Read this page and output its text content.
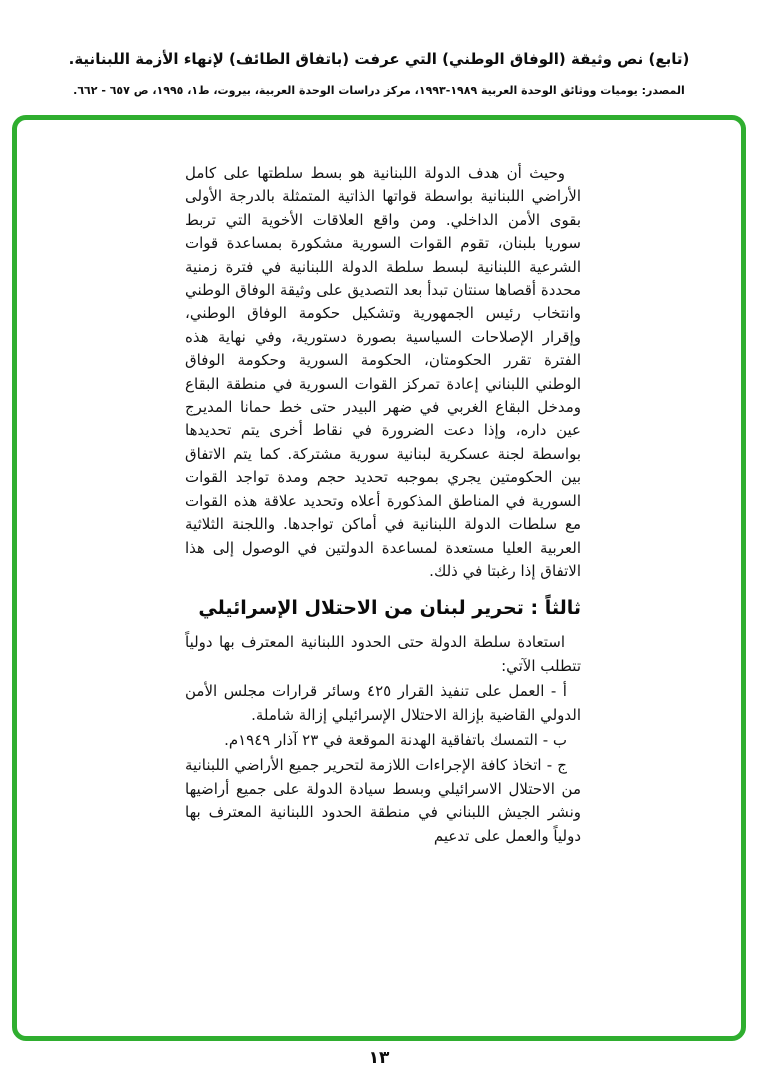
(تابع) نص وثيقة (الوفاق الوطني) التي عرفت (باتفاق الطائف) لإنهاء الأزمة اللبنانية.
المصدر: يوميات ووثائق الوحدة العربية ١٩٨٩-١٩٩٣، مركز دراسات الوحدة العربية، بيروت، ط١، ١٩٩٥، ص ٦٥٧ - ٦٦٢.

وحيث أن هدف الدولة اللبنانية هو بسط سلطتها على كامل الأراضي اللبنانية بواسطة قواتها الذاتية المتمثلة بالدرجة الأولى بقوى الأمن الداخلي. ومن واقع العلاقات الأخوية التي تربط سوريا بلبنان، تقوم القوات السورية مشكورة بمساعدة قوات الشرعية اللبنانية لبسط سلطة الدولة اللبنانية في فترة زمنية محددة أقصاها سنتان تبدأ بعد التصديق على وثيقة الوفاق الوطني وانتخاب رئيس الجمهورية وتشكيل حكومة الوفاق الوطني، وإقرار الإصلاحات السياسية بصورة دستورية، وفي نهاية هذه الفترة تقرر الحكومتان، الحكومة السورية وحكومة الوفاق الوطني اللبناني إعادة تمركز القوات السورية في منطقة البقاع ومدخل البقاع الغربي في ضهر البيدر حتى خط حمانا المديرج عين داره، وإذا دعت الضرورة في نقاط أخرى يتم تحديدها بواسطة لجنة عسكرية لبنانية سورية مشتركة. كما يتم الاتفاق بين الحكومتين يجري بموجبه تحديد حجم ومدة تواجد القوات السورية في المناطق المذكورة أعلاه وتحديد علاقة هذه القوات مع سلطات الدولة اللبنانية في أماكن تواجدها. واللجنة الثلاثية العربية العليا مستعدة لمساعدة الدولتين في الوصول إلى هذا الاتفاق إذا رغبتا في ذلك.

ثالثاً : تحرير لبنان من الاحتلال الإسرائيلي

استعادة سلطة الدولة حتى الحدود اللبنانية المعترف بها دولياً تتطلب الآتي:

أ - العمل على تنفيذ القرار ٤٢٥ وسائر قرارات مجلس الأمن الدولي القاضية بإزالة الاحتلال الإسرائيلي إزالة شاملة.

ب - التمسك باتفاقية الهدنة الموقعة في ٢٣ آذار ١٩٤٩م.

ج - اتخاذ كافة الإجراءات اللازمة لتحرير جميع الأراضي اللبنانية من الاحتلال الاسرائيلي وبسط سيادة الدولة على جميع أراضيها ونشر الجيش اللبناني في منطقة الحدود اللبنانية المعترف بها دولياً والعمل على تدعيم

١٣
